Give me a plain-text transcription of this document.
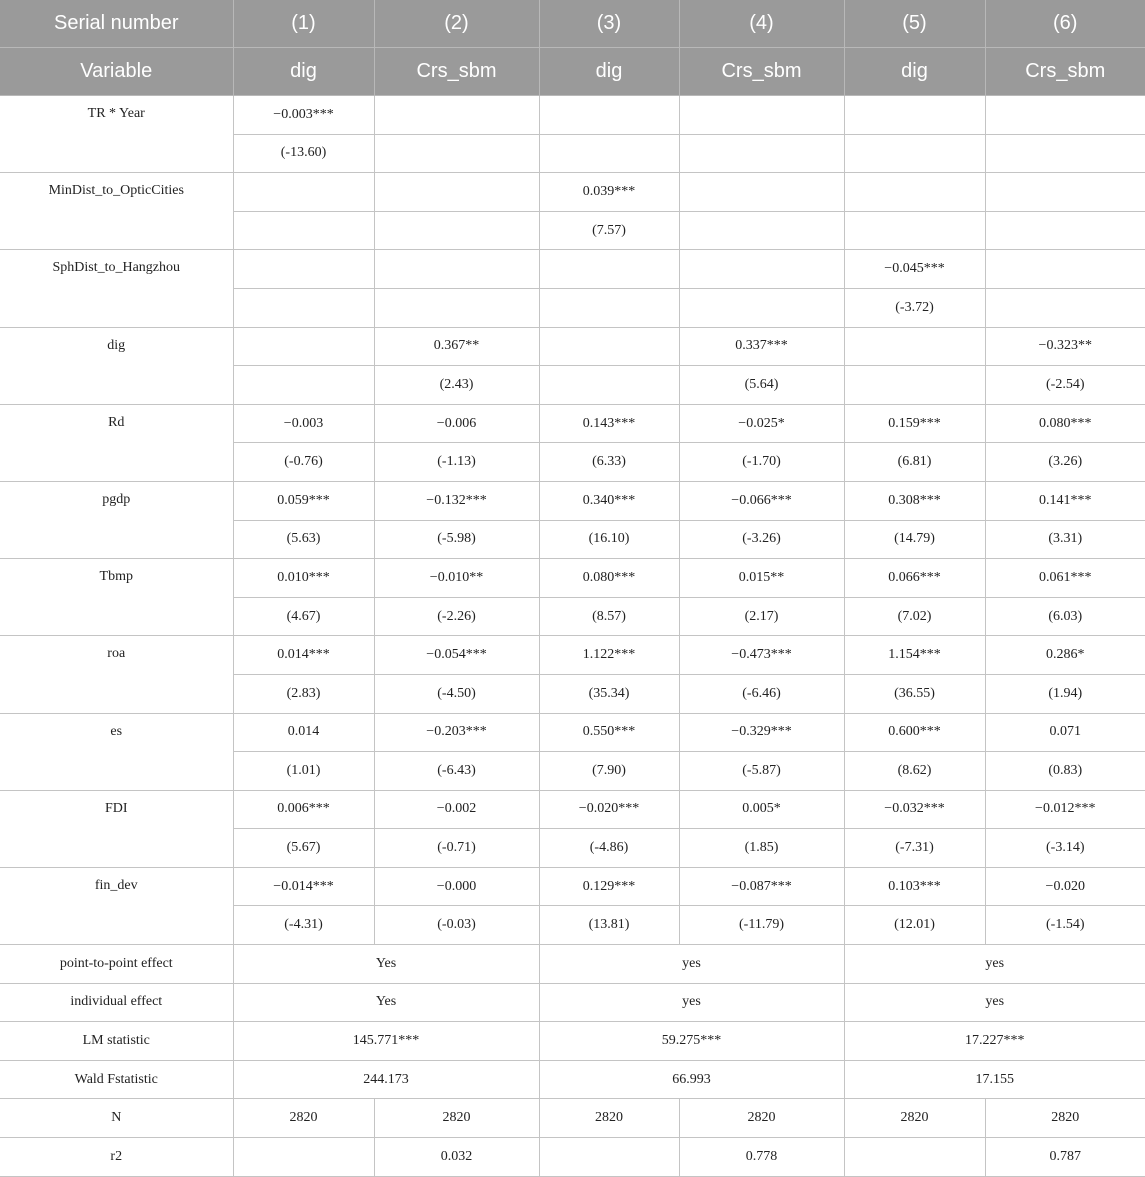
Serial number	(1)	(2)	(3)	(4)	(5)	(6)
Variable	dig	Crs_sbm	dig	Crs_sbm	dig	Crs_sbm
TR * Year	−0.003***					
	(-13.60)					
MinDist_to_OpticCities			0.039***			
			(7.57)			
SphDist_to_Hangzhou					−0.045***	
					(-3.72)	
dig		0.367**		0.337***		−0.323**
		(2.43)		(5.64)		(-2.54)
Rd	−0.003	−0.006	0.143***	−0.025*	0.159***	0.080***
	(-0.76)	(-1.13)	(6.33)	(-1.70)	(6.81)	(3.26)
pgdp	0.059***	−0.132***	0.340***	−0.066***	0.308***	0.141***
	(5.63)	(-5.98)	(16.10)	(-3.26)	(14.79)	(3.31)
Tbmp	0.010***	−0.010**	0.080***	0.015**	0.066***	0.061***
	(4.67)	(-2.26)	(8.57)	(2.17)	(7.02)	(6.03)
roa	0.014***	−0.054***	1.122***	−0.473***	1.154***	0.286*
	(2.83)	(-4.50)	(35.34)	(-6.46)	(36.55)	(1.94)
es	0.014	−0.203***	0.550***	−0.329***	0.600***	0.071
	(1.01)	(-6.43)	(7.90)	(-5.87)	(8.62)	(0.83)
FDI	0.006***	−0.002	−0.020***	0.005*	−0.032***	−0.012***
	(5.67)	(-0.71)	(-4.86)	(1.85)	(-7.31)	(-3.14)
fin_dev	−0.014***	−0.000	0.129***	−0.087***	0.103***	−0.020
	(-4.31)	(-0.03)	(13.81)	(-11.79)	(12.01)	(-1.54)
point-to-point effect	Yes		yes		yes	
individual effect	Yes		yes		yes	
LM statistic	145.771***		59.275***		17.227***	
Wald Fstatistic	244.173		66.993		17.155	
N	2820	2820	2820	2820	2820	2820
r2		0.032		0.778		0.787
